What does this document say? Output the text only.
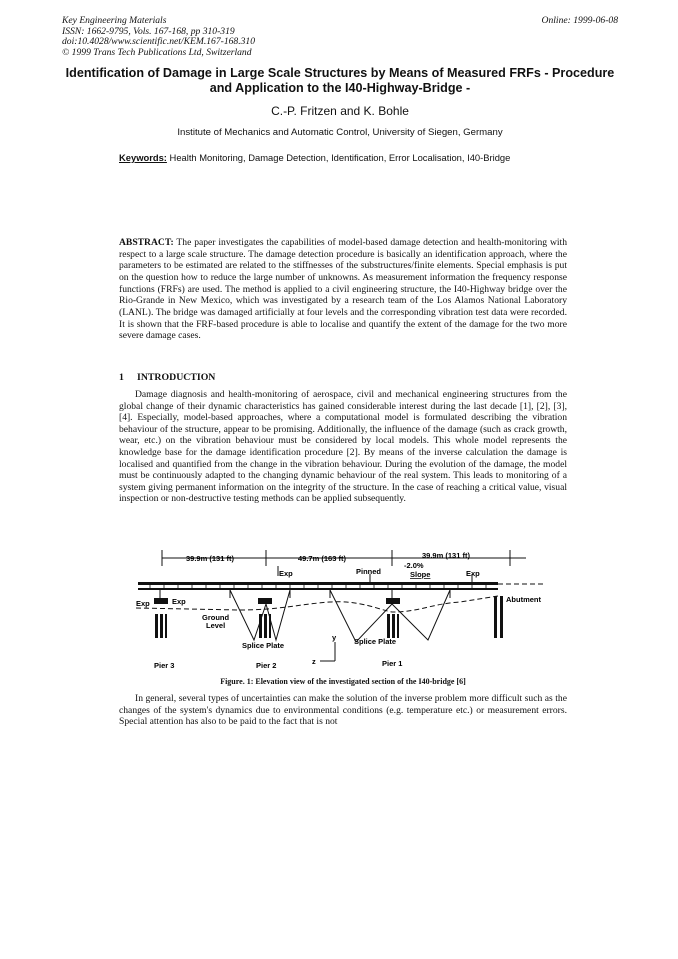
Key Engineering Materials
ISSN: 1662-9795, Vols. 167-168, pp 310-319
doi:10.4028/www.scientific.net/KEM.167-168.310
© 1999 Trans Tech Publications Ltd, Switzerland
Online: 1999-06-08
Identification of Damage in Large Scale Structures by Means of Measured FRFs - Procedure and Application to the I40-Highway-Bridge -
C.-P. Fritzen and K. Bohle
Institute of Mechanics and Automatic Control, University of Siegen, Germany
Keywords: Health Monitoring, Damage Detection, Identification, Error Localisation, I40-Bridge
ABSTRACT: The paper investigates the capabilities of model-based damage detection and health-monitoring with respect to a large scale structure. The damage detection procedure is basically an identification approach, where the parameters to be estimated are related to the stiffnesses of the substructures/finite elements. Special emphasis is put on the question how to reduce the large number of unknowns. As measurement information the frequency response functions (FRFs) are used. The method is applied to a civil engineering structure, the I40-Highway bridge over the Rio-Grande in New Mexico, which was investigated by a research team of the Los Alamos National Laboratory (LANL). The bridge was damaged artificially at four levels and the corresponding vibration test data were recorded. It is shown that the FRF-based procedure is able to localise and quantify the extent of the damage for the two more severe damage cases.
1 INTRODUCTION
Damage diagnosis and health-monitoring of aerospace, civil and mechanical engineering structures from the global change of their dynamic characteristics has gained considerable interest during the last decade [1], [2], [3], [4]. Especially, model-based approaches, where a computational model is formulated describing the vibration behaviour of the structure, appear to be promising. Additionally, the influence of the damage (such as crack growth, wear, etc.) on the vibration behaviour must be considered by local models. This whole model represents the knowledge base for the damage identification procedure [2]. By means of the inverse calculation the damage is localised and quantified from the change in the vibration behaviour. During the evolution of the damage, the model must be continuously adapted to the changing dynamic behaviour of the real system. This leads to monitoring of a system giving permanent information on the integrity of the structure. In the case of reaching a critical value, visual inspection or non-destructive testing methods can be applied subsequently.
39.9m (131 ft)	49.7m (163 ft)	39.9m (131 ft)
-2.0%
Slope
Exp	Pinned	Exp
Exp	Exp	Abutment
Ground
Level
Splice Plate	Splice Plate
y
z
Pier 3	Pier 2	Pier 1
Figure. 1: Elevation view of the investigated section of the I40-bridge [6]
In general, several types of uncertainties can make the solution of the inverse problem more difficult such as the changes of the system's dynamics due to environmental conditions (e.g. temperature etc.) or measurement errors. Special attention has also to be paid to the fact that is not
